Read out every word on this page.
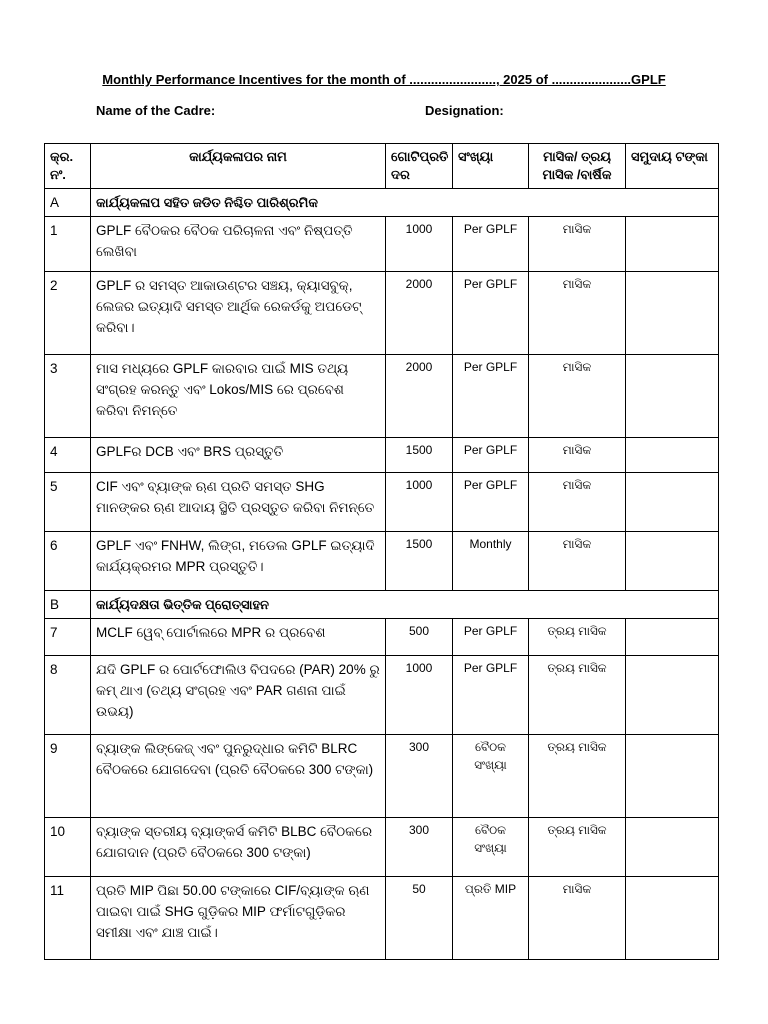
Monthly Performance Incentives for the month of ........................, 2025 of ......................GPLF
Name of the Cadre:	Designation:
କ୍ର. ନଂ.	କାର୍ଯ୍ୟକଳାପର ନାମ	ଗୋଟିପ୍ରତି ଦର	ସଂଖ୍ୟା	ମାସିକ/ ତ୍ରୟ ମାସିକ /ବାର୍ଷିକ	ସମୁଦାୟ ଟଙ୍କା
A	କାର୍ଯ୍ୟକଳାପ ସହିତ ଜଡିତ ନିଶ୍ଚିତ ପାରିଶ୍ରମିକ				
1	GPLF ବୈଠକର ବୈଠକ ପରିଚାଳନା ଏବଂ ନିଷ୍ପତ୍ତି ଲେଖିବା	1000	Per GPLF	ମାସିକ	
2	GPLF ର ସମସ୍ତ ଆକାଉଣ୍ଟର ସଞ୍ଚୟ, କ୍ୟାସବୁକ୍, ଲେଜର ଇତ୍ୟାଦି ସମସ୍ତ ଆର୍ଥିକ ରେକର୍ଡକୁ ଅପଡେଟ୍ କରିବା।	2000	Per GPLF	ମାସିକ	
3	ମାସ ମଧ୍ୟରେ GPLF କାରବାର ପାଇଁ MIS ତଥ୍ୟ ସଂଗ୍ରହ କରନ୍ତୁ ଏବଂ Lokos/MIS ରେ ପ୍ରବେଶ କରିବା ନିମନ୍ତେ	2000	Per GPLF	ମାସିକ	
4	GPLFର DCB ଏବଂ BRS ପ୍ରସ୍ତୁତି	1500	Per GPLF	ମାସିକ	
5	CIF ଏବଂ ବ୍ୟାଙ୍କ ଋଣ ପ୍ରତି ସମସ୍ତ SHG ମାନଙ୍କର ଋଣ ଆଦାୟ ସ୍ଥିତି ପ୍ରସ୍ତୁତ କରିବା ନିମନ୍ତେ	1000	Per GPLF	ମାସିକ	
6	GPLF ଏବଂ FNHW, ଲିଙ୍ଗ, ମଡେଲ GPLF ଇତ୍ୟାଦି କାର୍ଯ୍ୟକ୍ରମର MPR ପ୍ରସ୍ତୁତି।	1500	Monthly	ମାସିକ	
B	କାର୍ଯ୍ୟଦକ୍ଷତା ଭିତ୍ତିକ ପ୍ରୋତ୍ସାହନ				
7	MCLF ୱେବ୍ ପୋର୍ଟାଲରେ MPR ର ପ୍ରବେଶ	500	Per GPLF	ତ୍ରୟ ମାସିକ	
8	ଯଦି GPLF ର ପୋର୍ଟଫୋଲିଓ ବିପଦରେ (PAR) 20% ରୁ କମ୍ ଥାଏ (ତଥ୍ୟ ସଂଗ୍ରହ ଏବଂ PAR ଗଣନା ପାଇଁ ଉଭୟ)	1000	Per GPLF	ତ୍ରୟ ମାସିକ	
9	ବ୍ୟାଙ୍କ ଲିଙ୍କେଜ୍ ଏବଂ ପୁନରୁଦ୍ଧାର କମିଟି BLRC ବୈଠକରେ ଯୋଗଦେବା (ପ୍ରତି ବୈଠକରେ 300 ଟଙ୍କା)	300	ବୈଠକ ସଂଖ୍ୟା	ତ୍ରୟ ମାସିକ	
10	ବ୍ୟାଙ୍କ ସ୍ତରୀୟ ବ୍ୟାଙ୍କର୍ସ କମିଟି BLBC ବୈଠକରେ ଯୋଗଦାନ (ପ୍ରତି ବୈଠକରେ 300 ଟଙ୍କା)	300	ବୈଠକ ସଂଖ୍ୟା	ତ୍ରୟ ମାସିକ	
11	ପ୍ରତି MIP ପିଛା 50.00 ଟଙ୍କାରେ CIF/ବ୍ୟାଙ୍କ ଋଣ ପାଇବା ପାଇଁ SHG ଗୁଡ଼ିକର MIP ଫର୍ମାଟଗୁଡ଼ିକର ସମୀକ୍ଷା ଏବଂ ଯାଞ୍ଚ ପାଇଁ।	50	ପ୍ରତି MIP	ମାସିକ	
